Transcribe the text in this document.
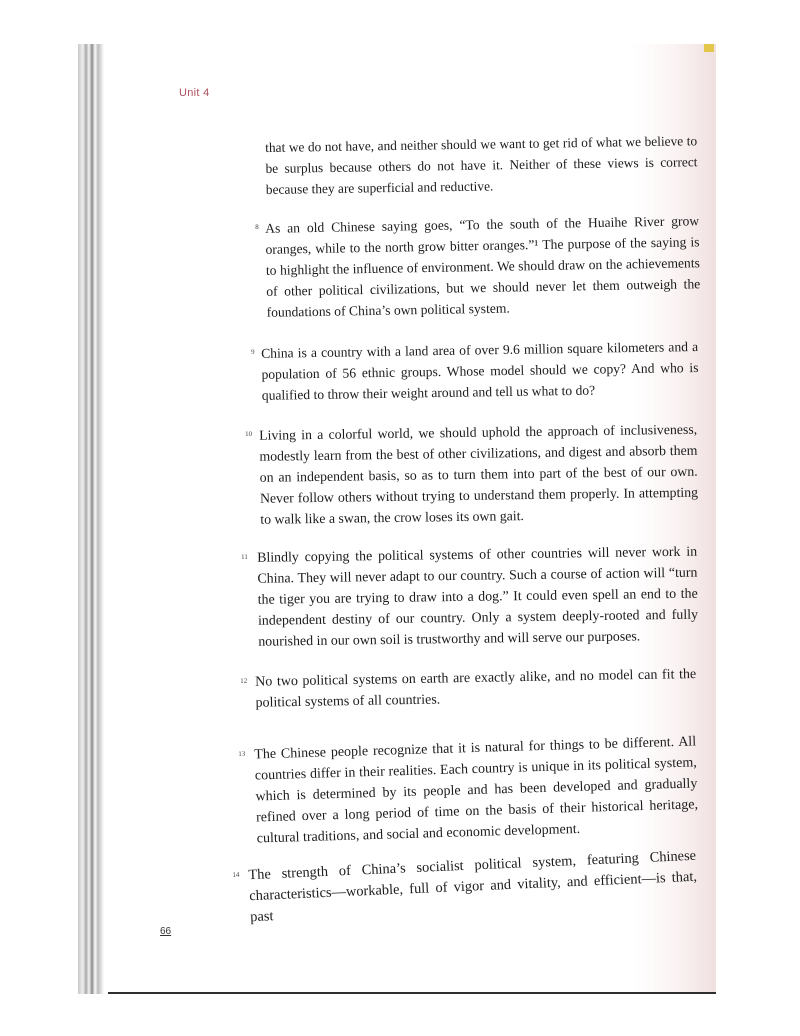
Unit 4

that we do not have, and neither should we want to get rid of what we believe to be surplus because others do not have it. Neither of these views is correct because they are superficial and reductive.

8 As an old Chinese saying goes, “To the south of the Huaihe River grow oranges, while to the north grow bitter oranges.”¹ The purpose of the saying is to highlight the influence of environment. We should draw on the achievements of other political civilizations, but we should never let them outweigh the foundations of China’s own political system.

9 China is a country with a land area of over 9.6 million square kilometers and a population of 56 ethnic groups. Whose model should we copy? And who is qualified to throw their weight around and tell us what to do?

10 Living in a colorful world, we should uphold the approach of inclusiveness, modestly learn from the best of other civilizations, and digest and absorb them on an independent basis, so as to turn them into part of the best of our own. Never follow others without trying to understand them properly. In attempting to walk like a swan, the crow loses its own gait.

11 Blindly copying the political systems of other countries will never work in China. They will never adapt to our country. Such a course of action will “turn the tiger you are trying to draw into a dog.” It could even spell an end to the independent destiny of our country. Only a system deeply-rooted and fully nourished in our own soil is trustworthy and will serve our purposes.

12 No two political systems on earth are exactly alike, and no model can fit the political systems of all countries.

13 The Chinese people recognize that it is natural for things to be different. All countries differ in their realities. Each country is unique in its political system, which is determined by its people and has been developed and gradually refined over a long period of time on the basis of their historical heritage, cultural traditions, and social and economic development.

14 The strength of China’s socialist political system, featuring Chinese characteristics—workable, full of vigor and vitality, and efficient—is that, past

66
